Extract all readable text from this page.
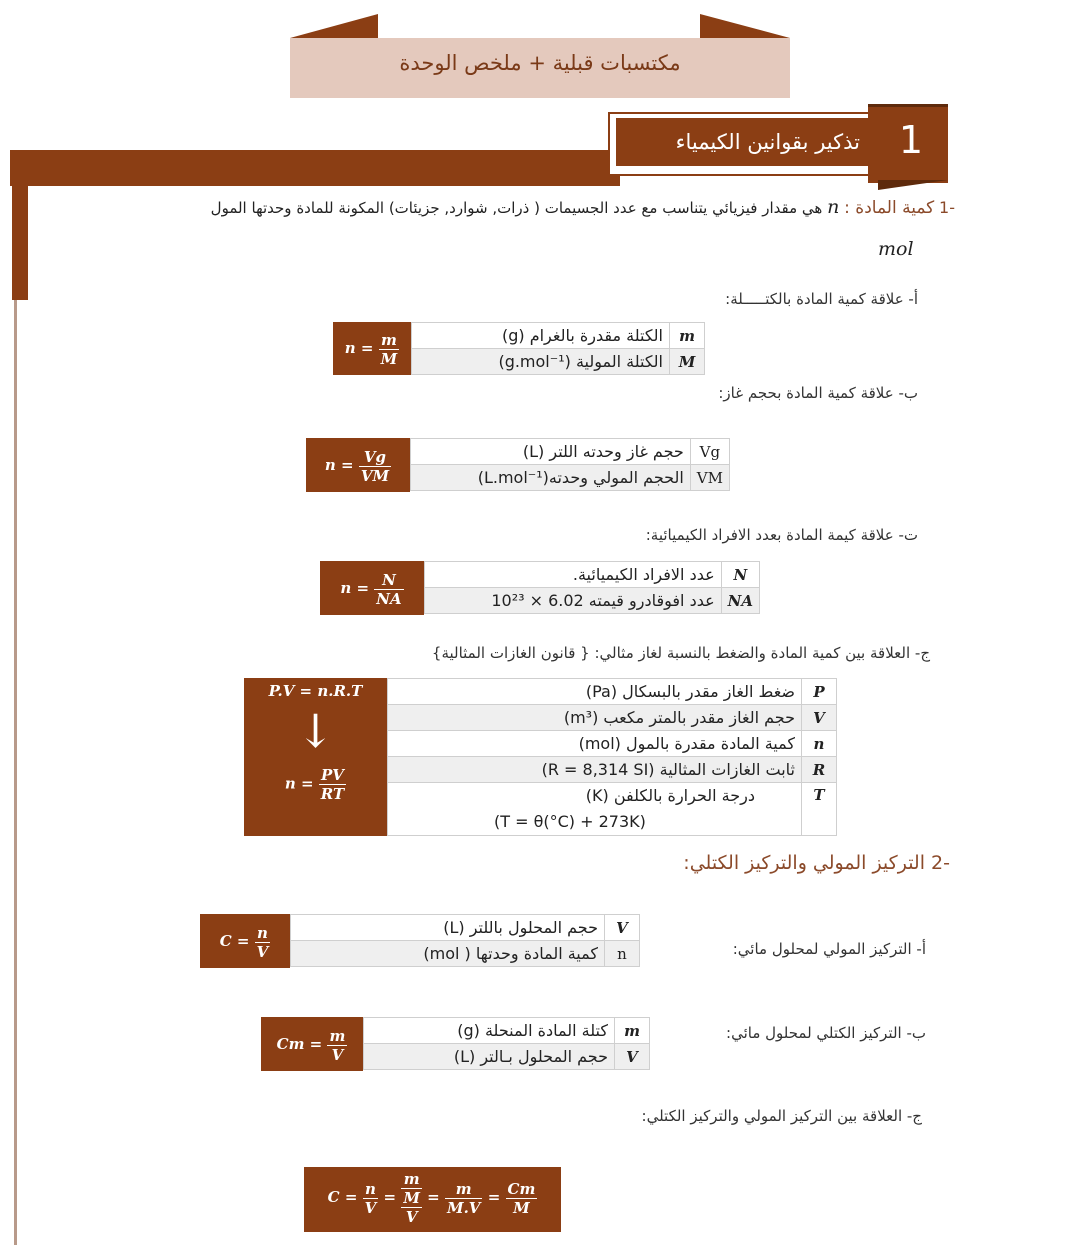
مكتسبات قبلية + ملخص الوحدة
1
تذكير بقوانين الكيمياء
-1 كمية المادة : n هي مقدار فيزيائي يتناسب مع عدد الجسيمات ( ذرات, شوارد, جزيئات) المكونة للمادة وحدتها المول
mol
أ- علاقة كمية المادة بالكتـــــلة:
$n = \frac{m}{M}$	m	الكتلة مقدرة بالغرام (g)
M	الكتلة المولية (g.mol⁻¹)
ب- علاقة كمية المادة بحجم غاز:
$n = \frac{Vg}{VM}$	Vg	حجم غاز وحدته اللتر (L)
VM	الحجم المولي وحدته(L.mol⁻¹)
ت- علاقة كيمة المادة بعدد الافراد الكيميائية:
$n = \frac{N}{NA}$	N	عدد الافراد الكيميائية.
NA	عدد افوقادرو قيمته 6.02 × 10²³
ج- العلاقة بين كمية المادة والضغط بالنسبة لغاز مثالي: { قانون الغازات المثالية}
P.V = n.R.T
↓
$n = \frac{PV}{RT}$
P	ضغط الغاز مقدر بالبسكال (Pa)
V	حجم الغاز مقدر بالمتر مكعب (m³)
n	كمية المادة مقدرة بالمول (mol)
R	ثابت الغازات المثالية (R = 8,314 SI)
T	درجة الحرارة بالكلفن (K)
(T = θ(°C) + 273K)
-2 التركيز المولي والتركيز الكتلي:
أ- التركيز المولي لمحلول مائي:
$C = \frac{n}{V}$	V	حجم المحلول باللتر (L)
n	كمية المادة وحدتها ( mol)
ب- التركيز الكتلي لمحلول مائي:
$Cm = \frac{m}{V}$	m	كتلة المادة المنحلة (g)
V	حجم المحلول بـالتر (L)
ج- العلاقة بين التركيز المولي والتركيز الكتلي:
$C = \frac{n}{V}$ =
m
M
V
= $\frac{m}{M.V} = \frac{Cm}{M}$
